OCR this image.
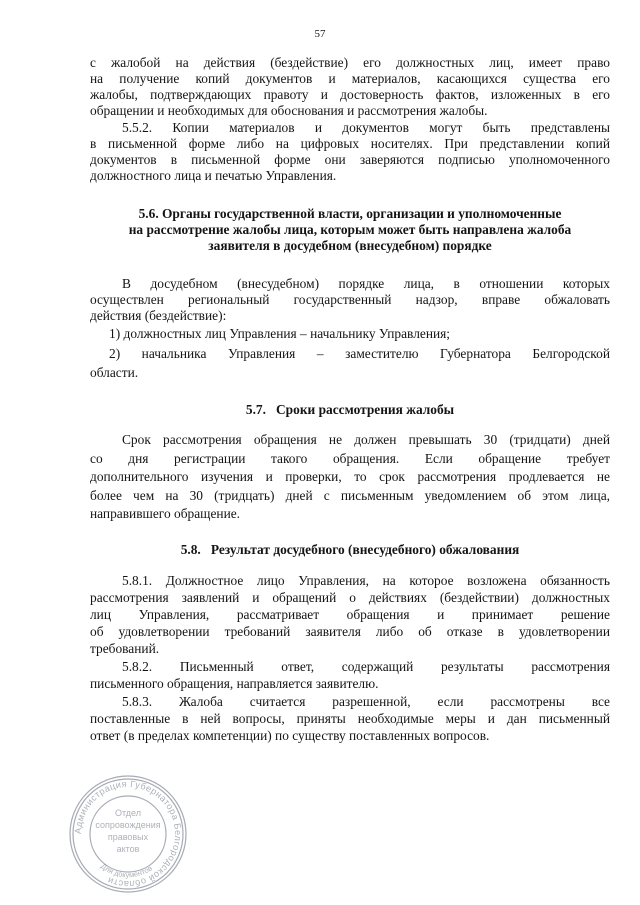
57

с жалобой на действия (бездействие) его должностных лиц, имеет право

на получение копий документов и материалов, касающихся существа его

жалобы, подтверждающих правоту и достоверность фактов, изложенных в его

обращении и необходимых для обоснования и рассмотрения жалобы.

5.5.2. Копии материалов и документов могут быть представлены

в письменной форме либо на цифровых носителях. При представлении копий

документов в письменной форме они заверяются подписью уполномоченного

должностного лица и печатью Управления.

5.6. Органы государственной власти, организации и уполномоченные

на рассмотрение жалобы лица, которым может быть направлена жалоба

заявителя в досудебном (внесудебном) порядке

В досудебном (внесудебном) порядке лица, в отношении которых

осуществлен региональный государственный надзор, вправе обжаловать

действия (бездействие):

1) должностных лиц Управления – начальнику Управления;

2) начальника Управления – заместителю Губернатора Белгородской

области.

5.7.   Сроки рассмотрения жалобы

Срок рассмотрения обращения не должен превышать 30 (тридцати) дней

со дня регистрации такого обращения. Если обращение требует

дополнительного изучения и проверки, то срок рассмотрения продлевается не

более чем на 30 (тридцать) дней с письменным уведомлением об этом лица,

направившего обращение.

5.8.   Результат досудебного (внесудебного) обжалования

5.8.1. Должностное лицо Управления, на которое возложена обязанность

рассмотрения заявлений и обращений о действиях (бездействии) должностных

лиц Управления, рассматривает обращения и принимает решение

об удовлетворении требований заявителя либо об отказе в удовлетворении

требований.

5.8.2. Письменный ответ, содержащий результаты рассмотрения

письменного обращения, направляется заявителю.

5.8.3. Жалоба считается разрешенной, если рассмотрены все

поставленные в ней вопросы, приняты необходимые меры и дан письменный

ответ (в пределах компетенции) по существу поставленных вопросов.

Администрация Губернатора Белгородской области
Отдел
сопровождения
правовых
актов
Для документов
